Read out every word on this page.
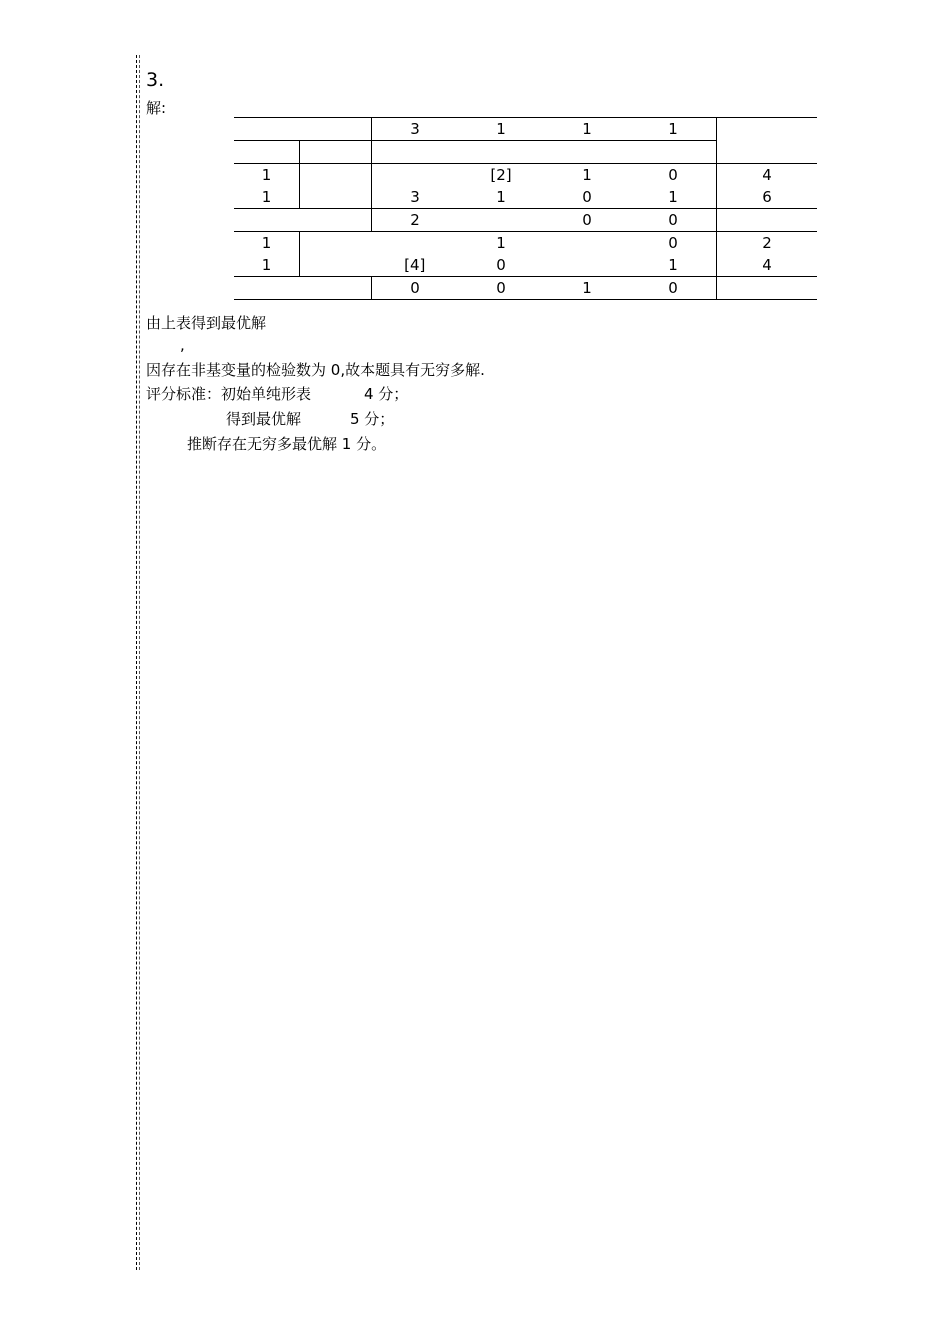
3.
解:
		3	1	1	1	

1			[2]	1	0	4
1		3	1	0	1	6
		2		0	0	
1			1		0	2
1		[4]	0		1	4
		0	0	1	0	
由上表得到最优解
,
因存在非基变量的检验数为 0,故本题具有无穷多解.
评分标准：初始单纯形表	4 分；
得到最优解	5 分；
推断存在无穷多最优解 1 分。
